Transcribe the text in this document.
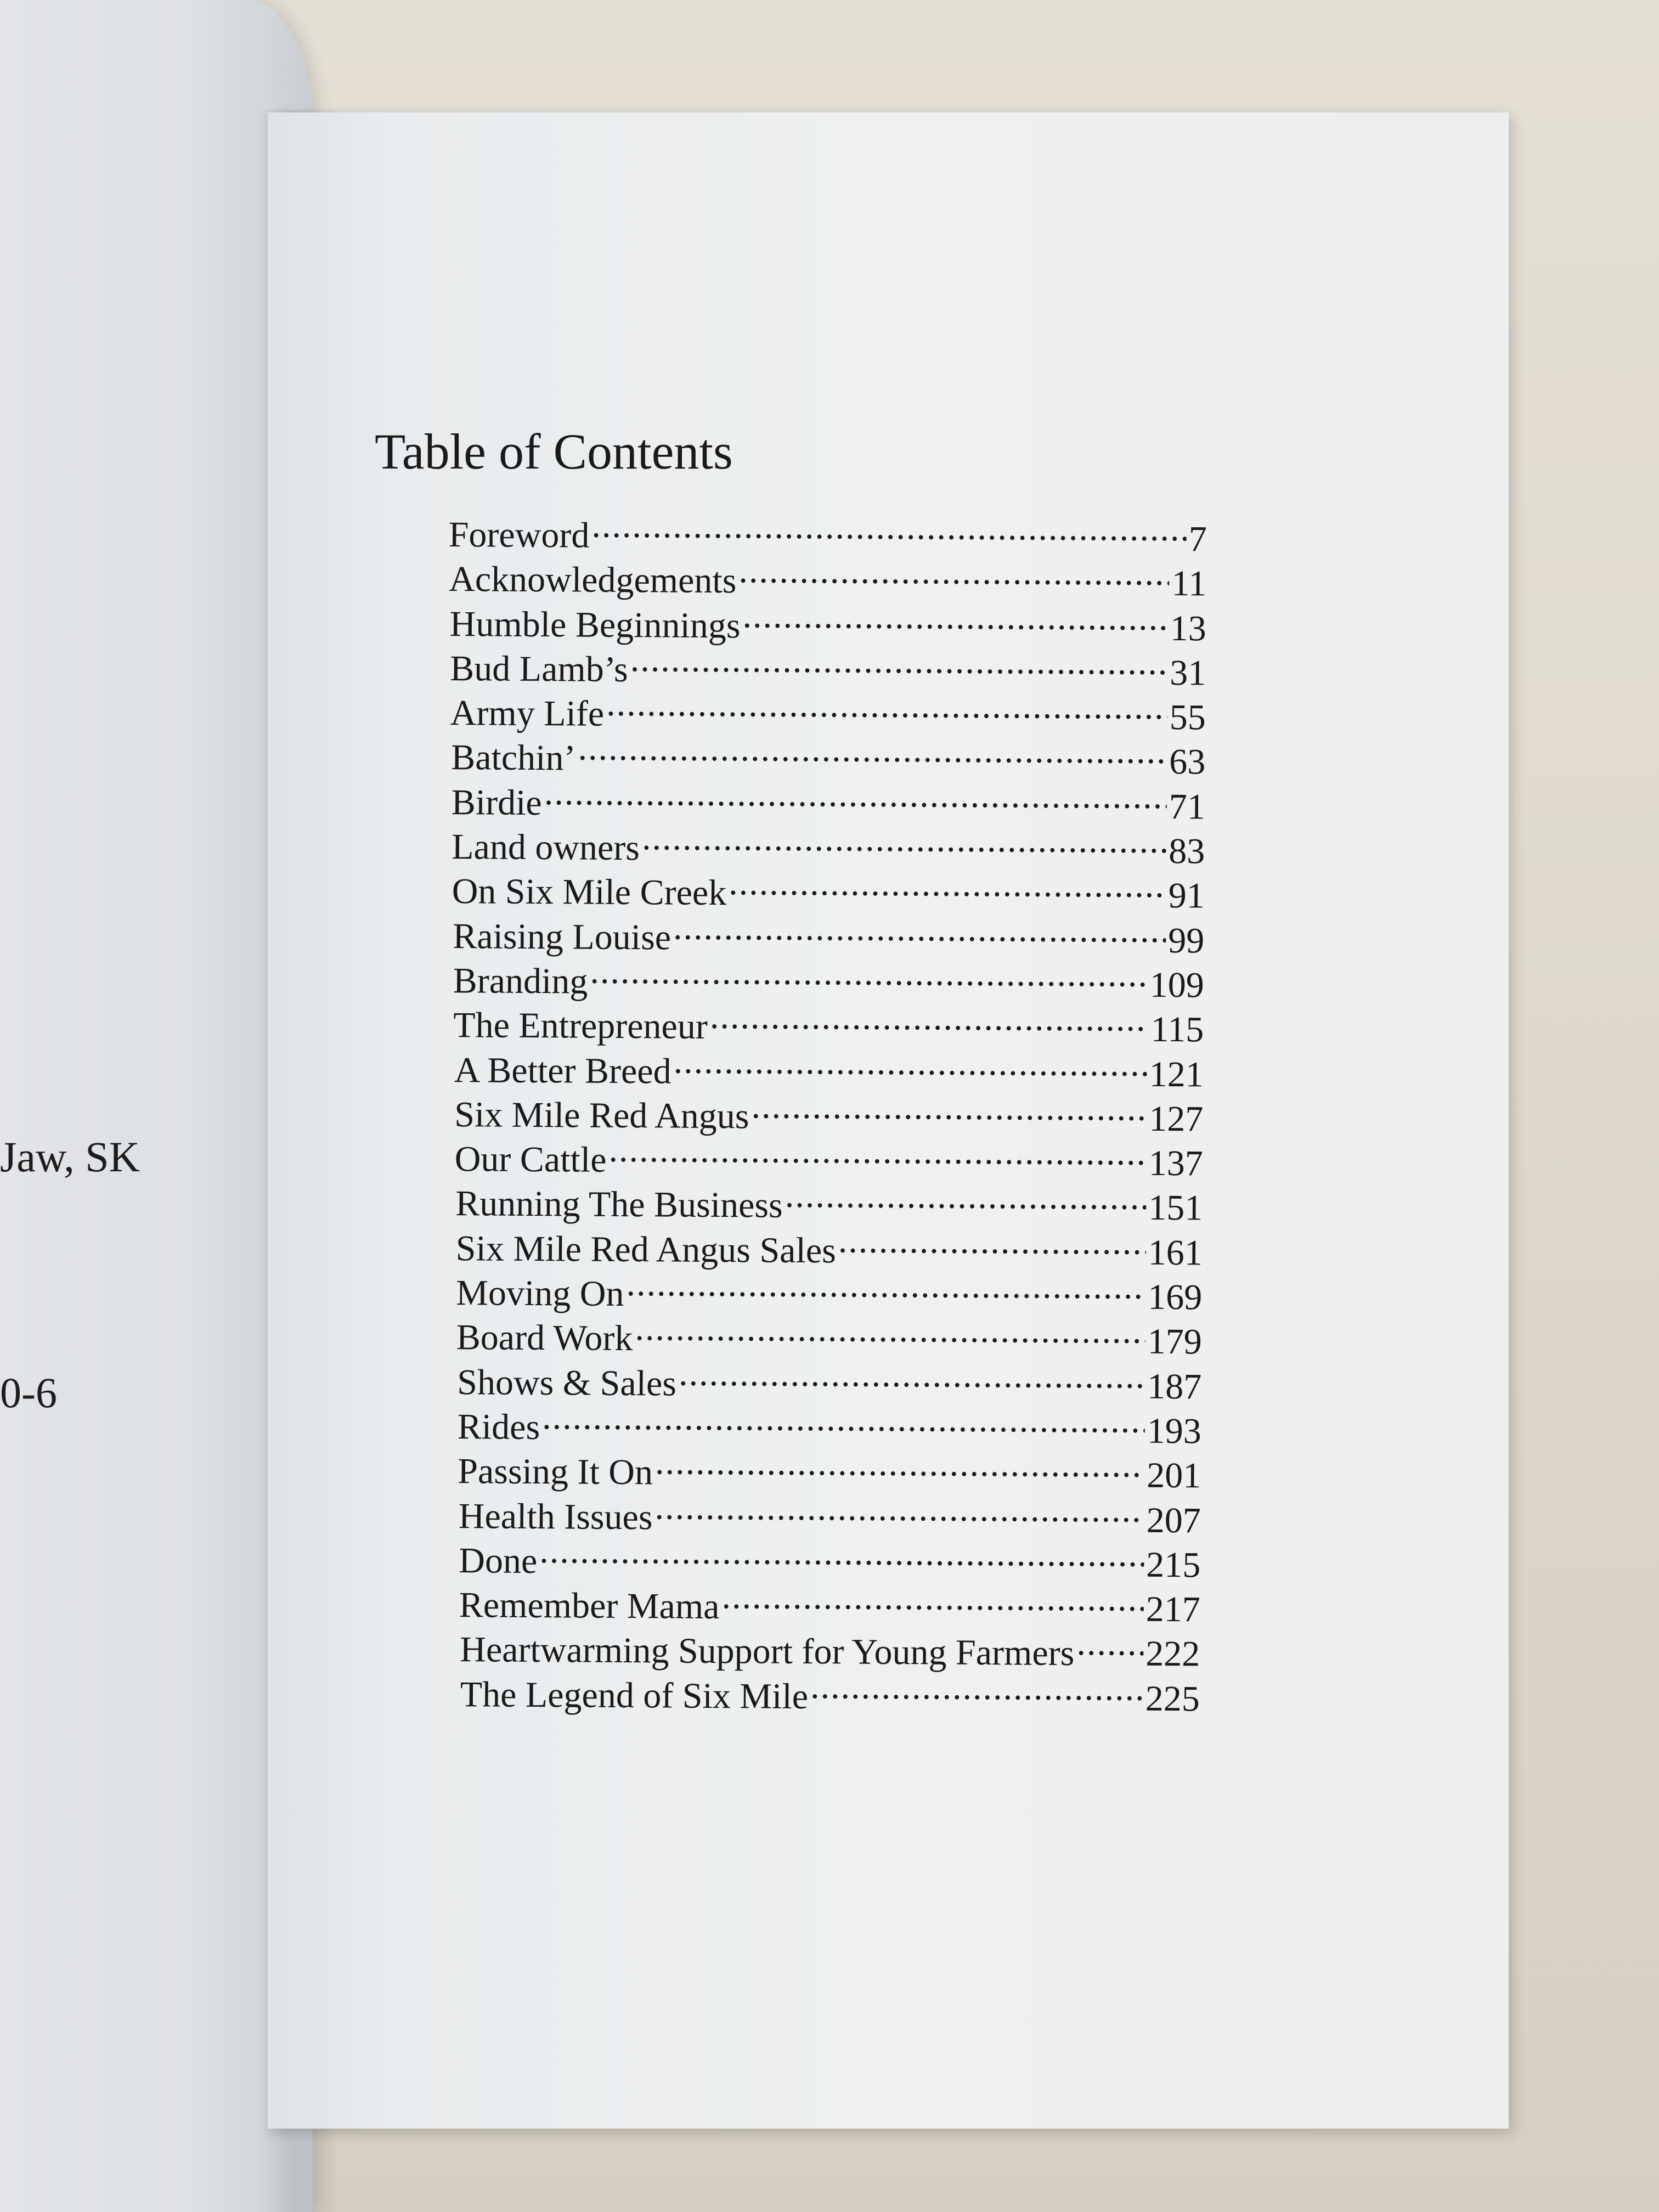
Jaw, SK
0-6
Table of Contents
Foreword .....	7
Acknowledgements .....	11
Humble Beginnings .....	13
Bud Lamb’s .....	31
Army Life .....	55
Batchin’ .....	63
Birdie .....	71
Land owners .....	83
On Six Mile Creek .....	91
Raising Louise .....	99
Branding .....	109
The Entrepreneur .....	115
A Better Breed .....	121
Six Mile Red Angus .....	127
Our Cattle .....	137
Running The Business .....	151
Six Mile Red Angus Sales .....	161
Moving On .....	169
Board Work .....	179
Shows & Sales .....	187
Rides .....	193
Passing It On .....	201
Health Issues .....	207
Done .....	215
Remember Mama .....	217
Heartwarming Support for Young Farmers ..... 222
The Legend of Six Mile .....	225
